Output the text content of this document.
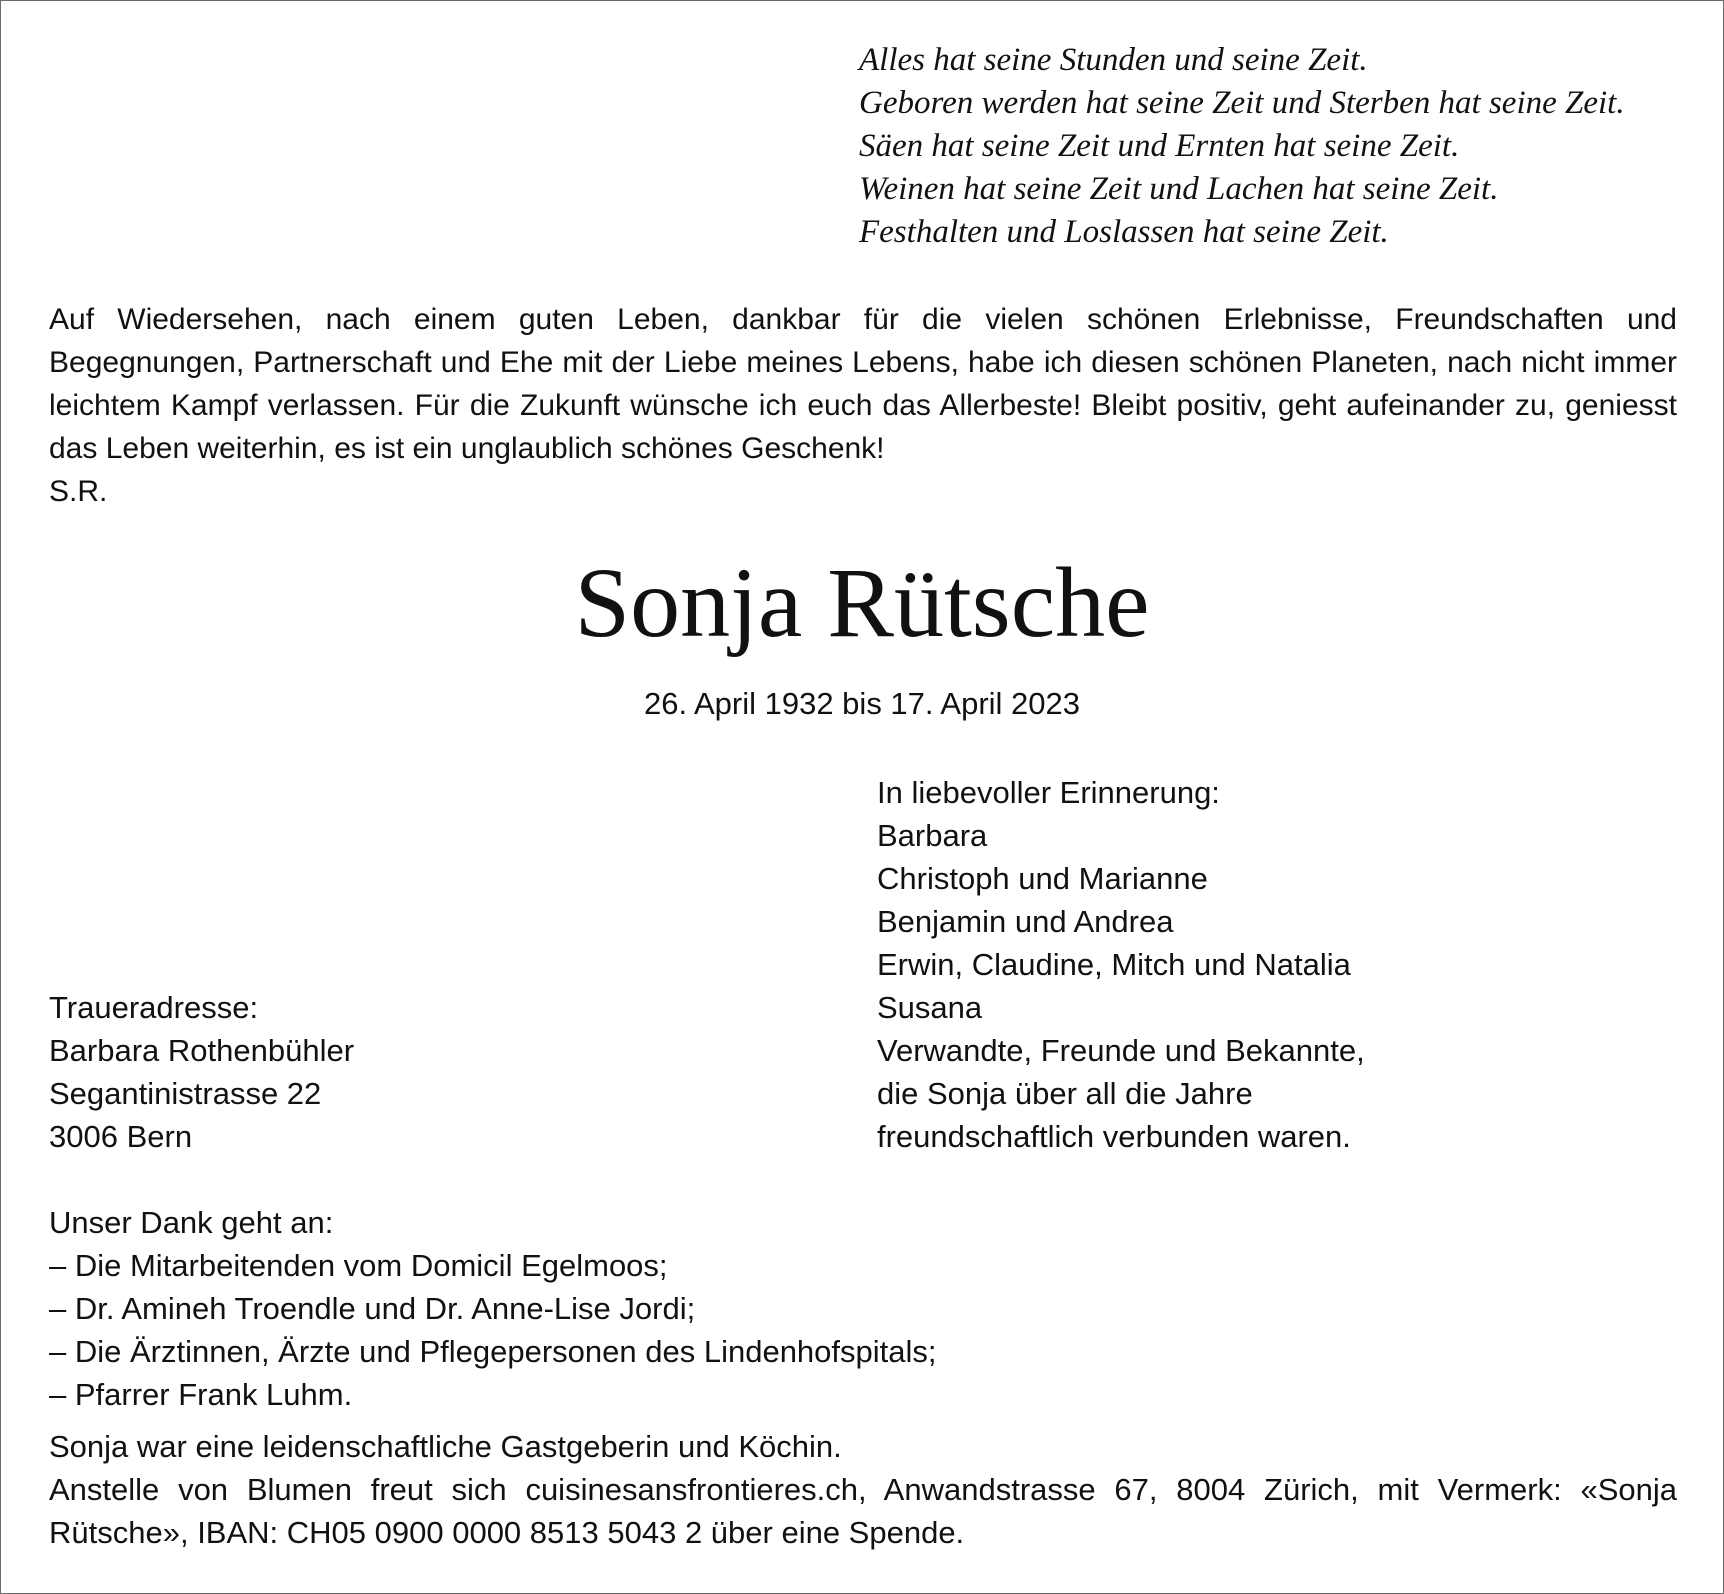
Alles hat seine Stunden und seine Zeit.
Geboren werden hat seine Zeit und Sterben hat seine Zeit.
Säen hat seine Zeit und Ernten hat seine Zeit.
Weinen hat seine Zeit und Lachen hat seine Zeit.
Festhalten und Loslassen hat seine Zeit.
Auf Wiedersehen, nach einem guten Leben, dankbar für die vielen schönen Erlebnisse, Freundschaften und Begegnungen, Partnerschaft und Ehe mit der Liebe meines Lebens, habe ich diesen schönen Planeten, nach nicht immer leichtem Kampf verlassen. Für die Zukunft wünsche ich euch das Allerbeste! Bleibt positiv, geht aufeinander zu, geniesst das Leben weiterhin, es ist ein unglaublich schönes Geschenk!
S.R.
Sonja Rütsche
26. April 1932 bis 17. April 2023
In liebevoller Erinnerung:
Barbara
Christoph und Marianne
Benjamin und Andrea
Erwin, Claudine, Mitch und Natalia
Susana
Verwandte, Freunde und Bekannte,
die Sonja über all die Jahre
freundschaftlich verbunden waren.
Traueradresse:
Barbara Rothenbühler
Segantinistrasse 22
3006 Bern
Unser Dank geht an:
– Die Mitarbeitenden vom Domicil Egelmoos;
– Dr. Amineh Troendle und Dr. Anne-Lise Jordi;
– Die Ärztinnen, Ärzte und Pflegepersonen des Lindenhofspitals;
– Pfarrer Frank Luhm.
Sonja war eine leidenschaftliche Gastgeberin und Köchin.
Anstelle von Blumen freut sich cuisinesansfrontieres.ch, Anwandstrasse 67, 8004 Zürich, mit Vermerk: «Sonja
Rütsche», IBAN: CH05 0900 0000 8513 5043 2 über eine Spende.
